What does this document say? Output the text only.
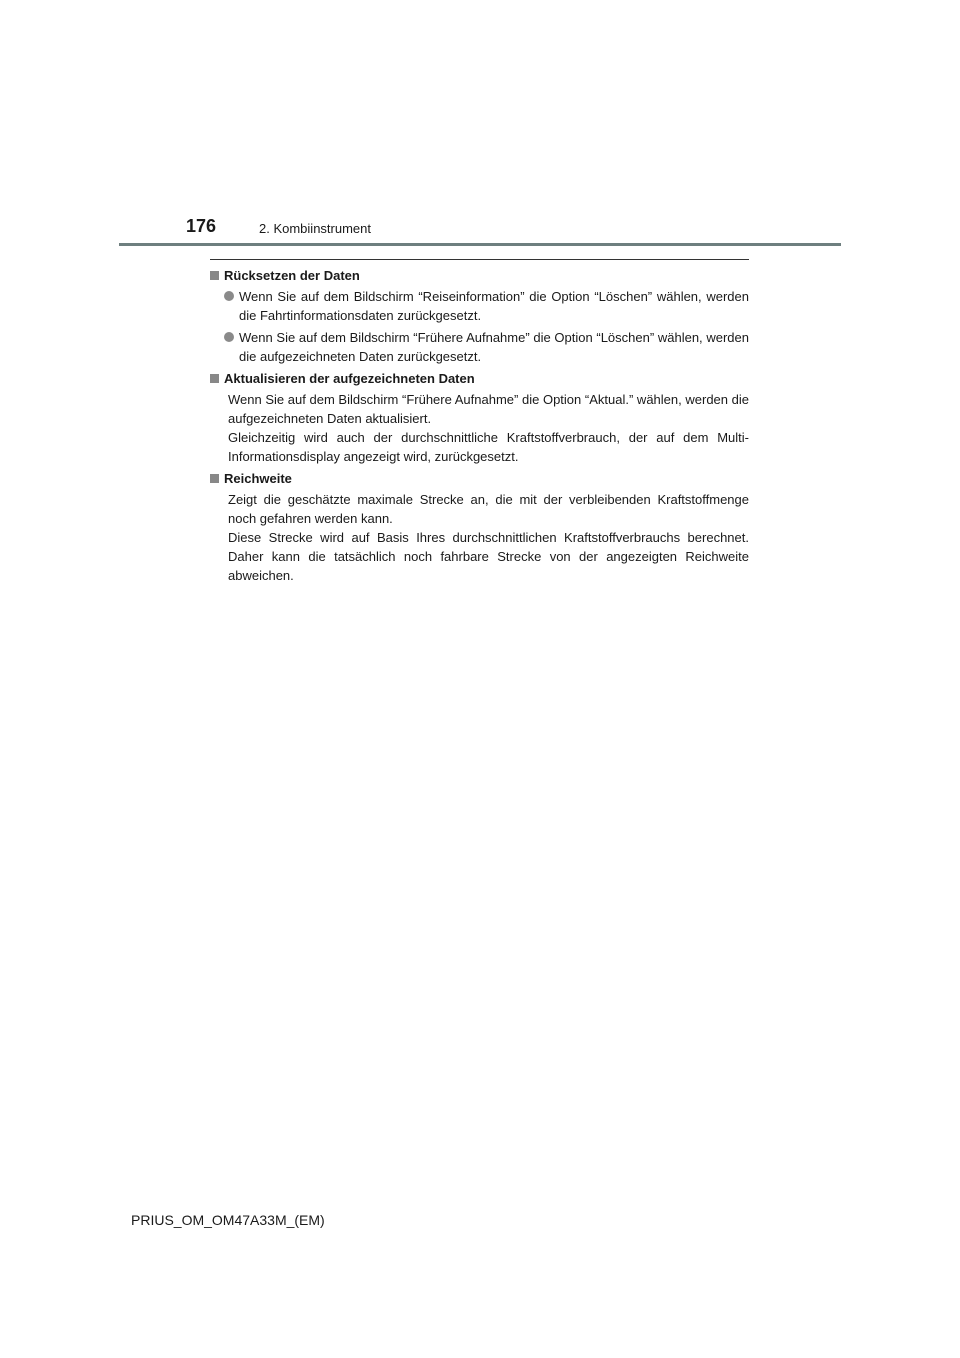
176	2. Kombiinstrument
Rücksetzen der Daten
Wenn Sie auf dem Bildschirm “Reiseinformation” die Option “Löschen” wählen, werden die Fahrtinformationsdaten zurückgesetzt.
Wenn Sie auf dem Bildschirm “Frühere Aufnahme” die Option “Löschen” wählen, werden die aufgezeichneten Daten zurückgesetzt.
Aktualisieren der aufgezeichneten Daten
Wenn Sie auf dem Bildschirm “Frühere Aufnahme” die Option “Aktual.” wählen, werden die aufgezeichneten Daten aktualisiert.
Gleichzeitig wird auch der durchschnittliche Kraftstoffverbrauch, der auf dem Multi-Informationsdisplay angezeigt wird, zurückgesetzt.
Reichweite
Zeigt die geschätzte maximale Strecke an, die mit der verbleibenden Kraftstoffmenge noch gefahren werden kann.
Diese Strecke wird auf Basis Ihres durchschnittlichen Kraftstoffverbrauchs berechnet. Daher kann die tatsächlich noch fahrbare Strecke von der angezeigten Reichweite abweichen.
PRIUS_OM_OM47A33M_(EM)
